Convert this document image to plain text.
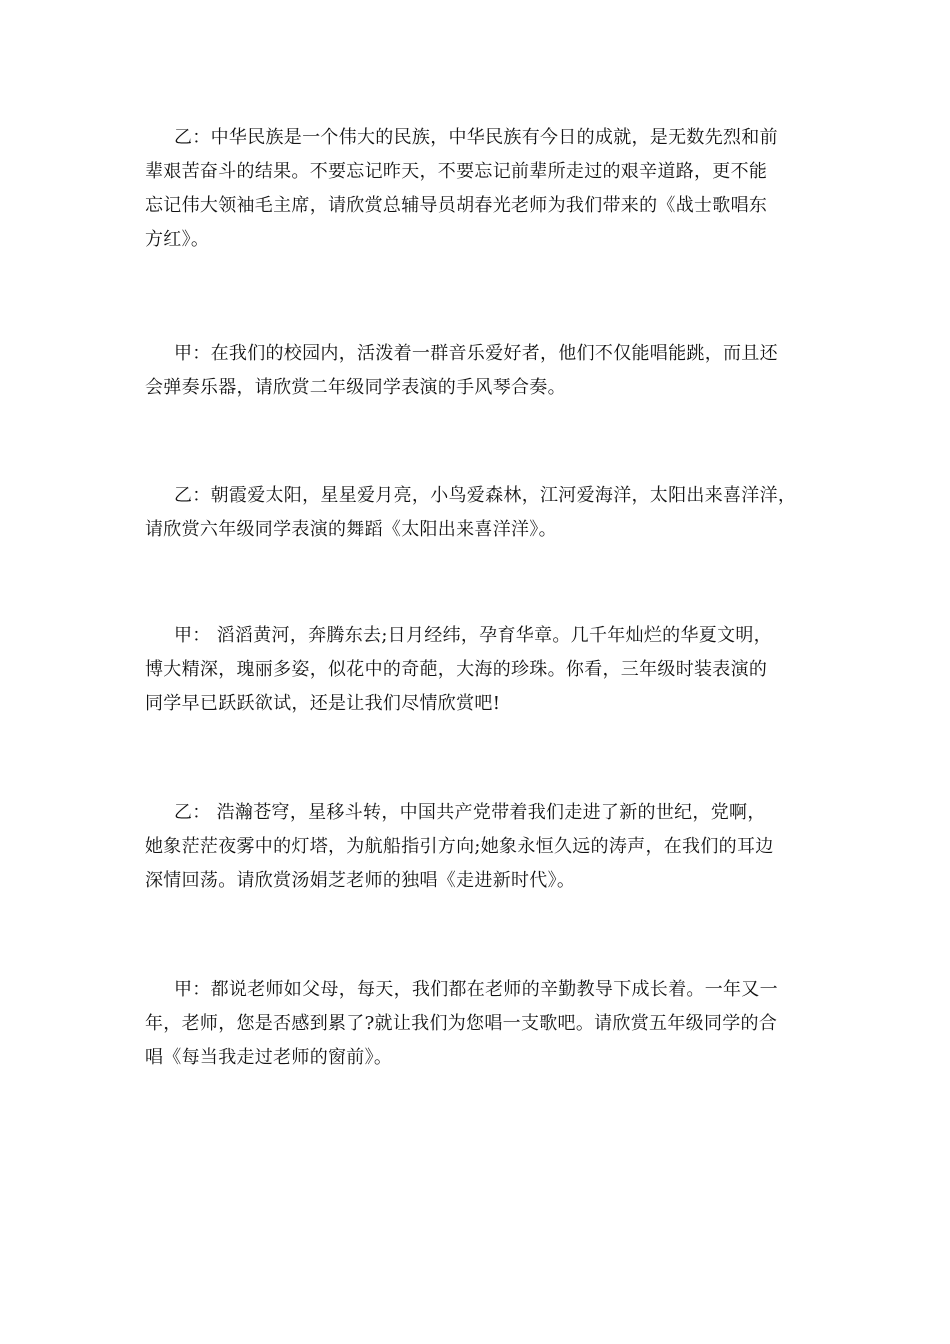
乙：中华民族是一个伟大的民族，中华民族有今日的成就，是无数先烈和前
辈艰苦奋斗的结果。不要忘记昨天，不要忘记前辈所走过的艰辛道路，更不能
忘记伟大领袖毛主席，请欣赏总辅导员胡春光老师为我们带来的《战士歌唱东
方红》。
甲：在我们的校园内，活泼着一群音乐爱好者，他们不仅能唱能跳，而且还
会弹奏乐器，请欣赏二年级同学表演的手风琴合奏。
乙：朝霞爱太阳，星星爱月亮，小鸟爱森林，江河爱海洋，太阳出来喜洋洋，
请欣赏六年级同学表演的舞蹈《太阳出来喜洋洋》。
甲： 滔滔黄河，奔腾东去;日月经纬，孕育华章。几千年灿烂的华夏文明，
博大精深，瑰丽多姿，似花中的奇葩，大海的珍珠。你看，三年级时装表演的
同学早已跃跃欲试，还是让我们尽情欣赏吧!
乙： 浩瀚苍穹，星移斗转，中国共产党带着我们走进了新的世纪，党啊，
她象茫茫夜雾中的灯塔，为航船指引方向;她象永恒久远的涛声，在我们的耳边
深情回荡。请欣赏汤娟芝老师的独唱《走进新时代》。
甲：都说老师如父母，每天，我们都在老师的辛勤教导下成长着。一年又一
年，老师，您是否感到累了?就让我们为您唱一支歌吧。请欣赏五年级同学的合
唱《每当我走过老师的窗前》。
